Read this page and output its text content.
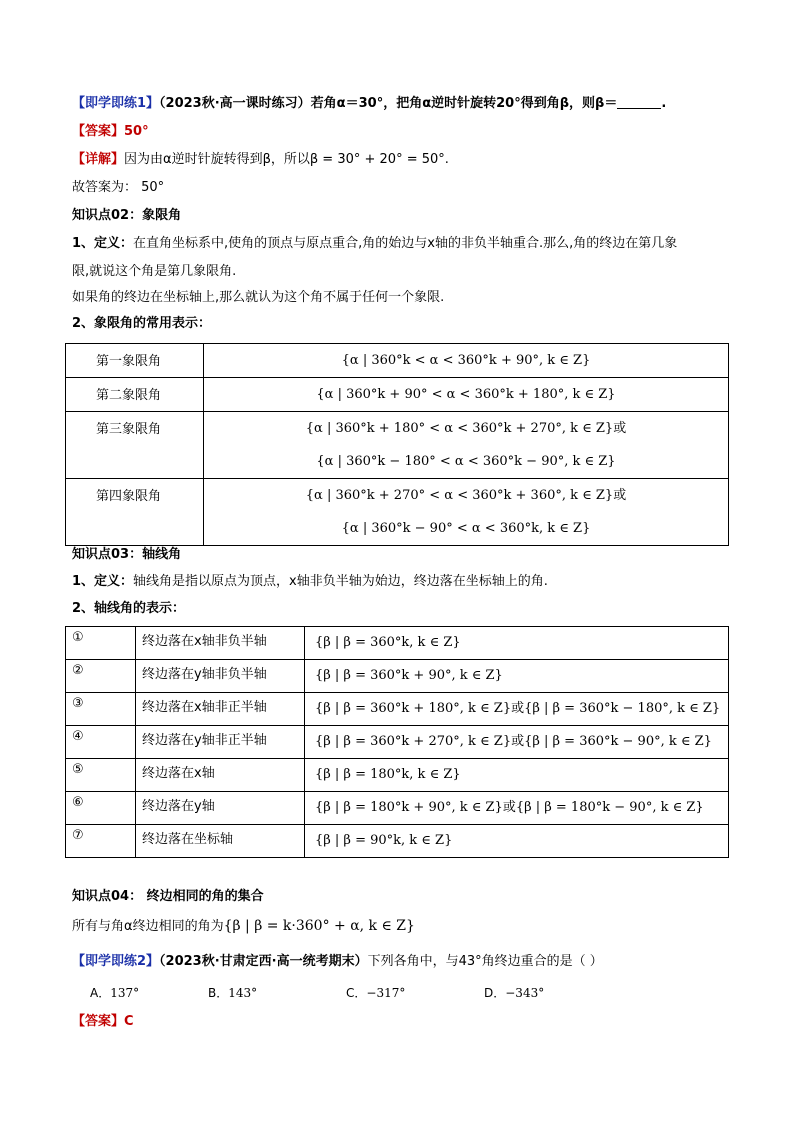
【即学即练1】（2023秋·高一课时练习）若角α＝30°，把角α逆时针旋转20°得到角β，则β＝	.
【答案】50°
【详解】因为由α逆时针旋转得到β，所以β = 30° + 20° = 50°.
故答案为： 50°
知识点02：象限角
1、定义：在直角坐标系中,使角的顶点与原点重合,角的始边与x轴的非负半轴重合.那么,角的终边在第几象
限,就说这个角是第几象限角.
如果角的终边在坐标轴上,那么就认为这个角不属于任何一个象限.
2、象限角的常用表示：
第一象限角	{α | 360°k < α < 360°k + 90°, k ∈ Z}

第二象限角	{α | 360°k + 90° < α < 360°k + 180°, k ∈ Z}

第三象限角	{α | 360°k + 180° < α < 360°k + 270°, k ∈ Z}或
{α | 360°k − 180° < α < 360°k − 90°, k ∈ Z}

第四象限角	{α | 360°k + 270° < α < 360°k + 360°, k ∈ Z}或
{α | 360°k − 90° < α < 360°k, k ∈ Z}
知识点03：轴线角
1、定义：轴线角是指以原点为顶点，x轴非负半轴为始边，终边落在坐标轴上的角.
2、轴线角的表示：
①	终边落在x轴非负半轴	{β | β = 360°k, k ∈ Z}
②	终边落在y轴非负半轴	{β | β = 360°k + 90°, k ∈ Z}
③	终边落在x轴非正半轴	{β | β = 360°k + 180°, k ∈ Z}或{β | β = 360°k − 180°, k ∈ Z}
④	终边落在y轴非正半轴	{β | β = 360°k + 270°, k ∈ Z}或{β | β = 360°k − 90°, k ∈ Z}
⑤	终边落在x轴	{β | β = 180°k, k ∈ Z}
⑥	终边落在y轴	{β | β = 180°k + 90°, k ∈ Z}或{β | β = 180°k − 90°, k ∈ Z}
⑦	终边落在坐标轴	{β | β = 90°k, k ∈ Z}
知识点04： 终边相同的角的集合
所有与角α终边相同的角为{β | β = k·360° + α, k ∈ Z}
【即学即练2】（2023秋·甘肃定西·高一统考期末）下列各角中，与43°角终边重合的是（ ）
A．137°	B．143°	C．−317°	D．−343°
【答案】C
